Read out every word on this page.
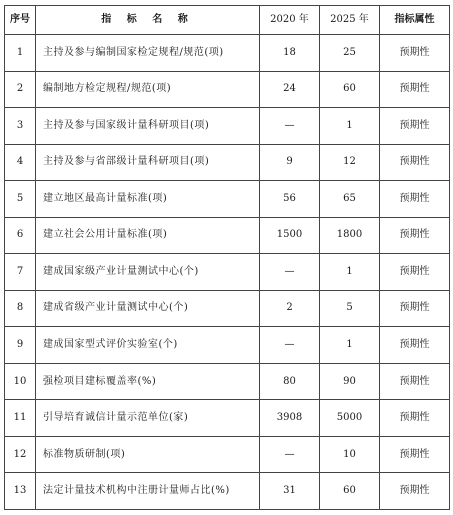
序号	指 标 名 称	2020 年	2025 年	指标属性
1	主持及参与编制国家检定规程/规范(项)	18	25	预期性
2	编制地方检定规程/规范(项)	24	60	预期性
3	主持及参与国家级计量科研项目(项)	—	1	预期性
4	主持及参与省部级计量科研项目(项)	9	12	预期性
5	建立地区最高计量标准(项)	56	65	预期性
6	建立社会公用计量标准(项)	1500	1800	预期性
7	建成国家级产业计量测试中心(个)	—	1	预期性
8	建成省级产业计量测试中心(个)	2	5	预期性
9	建成国家型式评价实验室(个)	—	1	预期性
10	强检项目建标覆盖率(%)	80	90	预期性
11	引导培育诚信计量示范单位(家)	3908	5000	预期性
12	标准物质研制(项)	—	10	预期性
13	法定计量技术机构中注册计量师占比(%)	31	60	预期性
